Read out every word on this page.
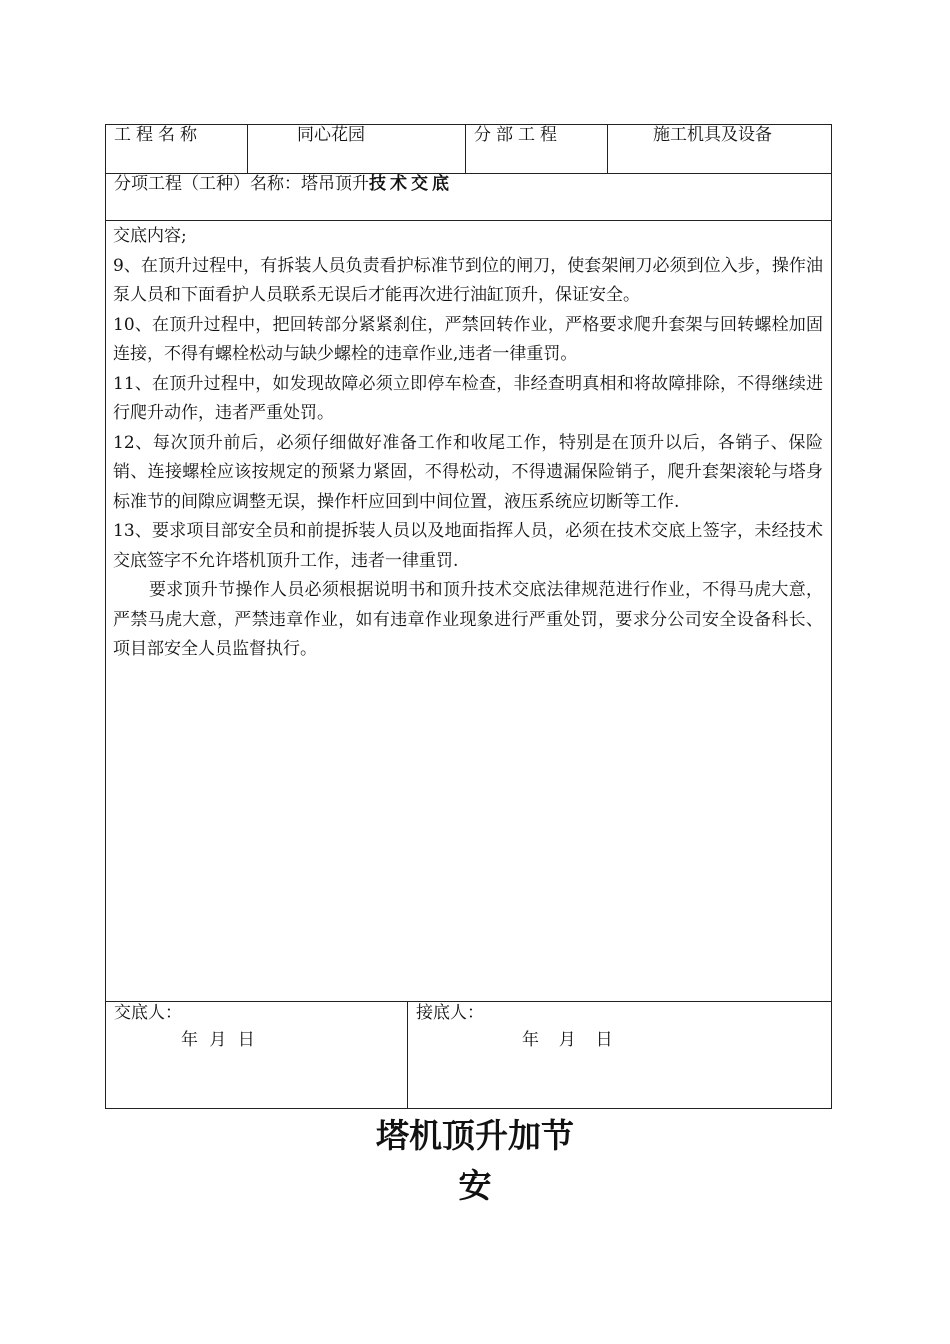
工程名称	同心花园	分部工程	施工机具及设备
分项工程（工种）名称：塔吊顶升技术交底

交底内容;

9、在顶升过程中，有拆装人员负责看护标准节到位的闸刀，使套架闸刀必须到位入步，操作油泵人员和下面看护人员联系无误后才能再次进行油缸顶升，保证安全。

10、在顶升过程中，把回转部分紧紧刹住，严禁回转作业，严格要求爬升套架与回转螺栓加固连接，不得有螺栓松动与缺少螺栓的违章作业,违者一律重罚。

11、在顶升过程中，如发现故障必须立即停车检查，非经查明真相和将故障排除，不得继续进行爬升动作，违者严重处罚。

12、每次顶升前后，必须仔细做好准备工作和收尾工作，特别是在顶升以后，各销子、保险销、连接螺栓应该按规定的预紧力紧固，不得松动，不得遗漏保险销子，爬升套架滚轮与塔身标准节的间隙应调整无误，操作杆应回到中间位置，液压系统应切断等工作.

13、要求项目部安全员和前提拆装人员以及地面指挥人员，必须在技术交底上签字，未经技术交底签字不允许塔机顶升工作，违者一律重罚.

要求顶升节操作人员必须根据说明书和顶升技术交底法律规范进行作业，不得马虎大意，严禁马虎大意，严禁违章作业，如有违章作业现象进行严重处罚，要求分公司安全设备科长、项目部安全人员监督执行。

交底人：
年 月 日
接底人：
年  月  日
塔机顶升加节
安
